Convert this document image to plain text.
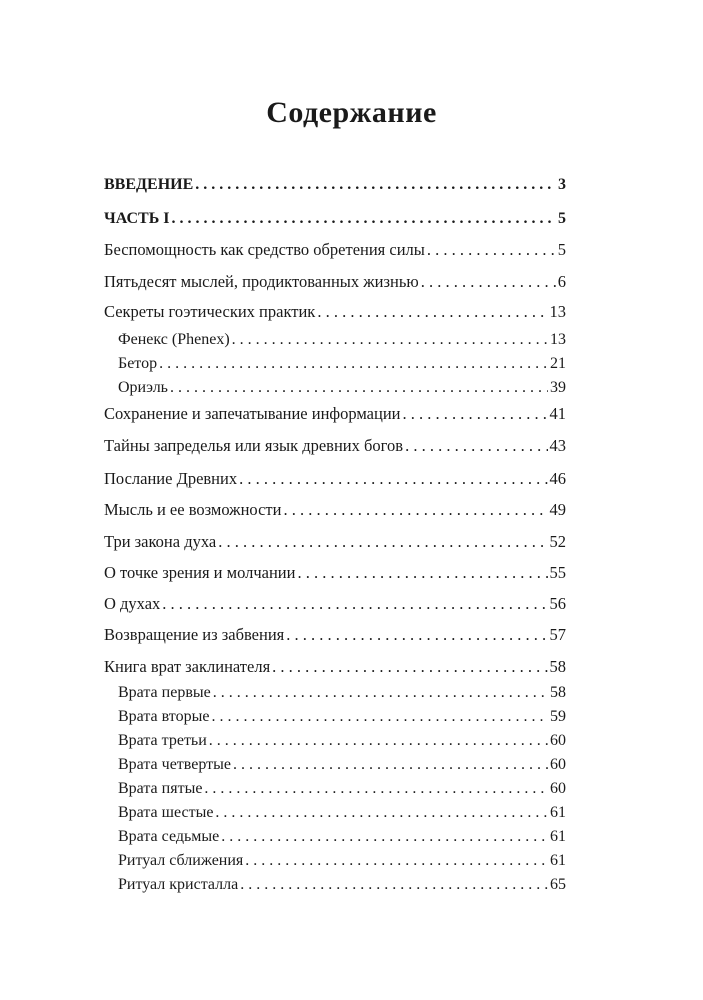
Содержание
ВВЕДЕНИЕ . . .	3
ЧАСТЬ I . . .	5
Беспомощность как средство обретения силы . . .	5
Пятьдесят мыслей, продиктованных жизнью . . .	6
Секреты гоэтических практик . . .	13
Фенекс (Phenex) . . .	13
Бетор . . .	21
Ориэль . . .	39
Сохранение и запечатывание информации . . .	41
Тайны запределья или язык древних богов . . .	43
Послание Древних . . .	46
Мысль и ее возможности . . .	49
Три закона духа . . .	52
О точке зрения и молчании . . .	55
О духах . . .	56
Возвращение из забвения . . .	57
Книга врат заклинателя . . .	58
Врата первые . . .	58
Врата вторые . . .	59
Врата третьи . . .	60
Врата четвертые . . .	60
Врата пятые . . .	60
Врата шестые . . .	61
Врата седьмые . . .	61
Ритуал сближения . . .	61
Ритуал кристалла . . .	65
